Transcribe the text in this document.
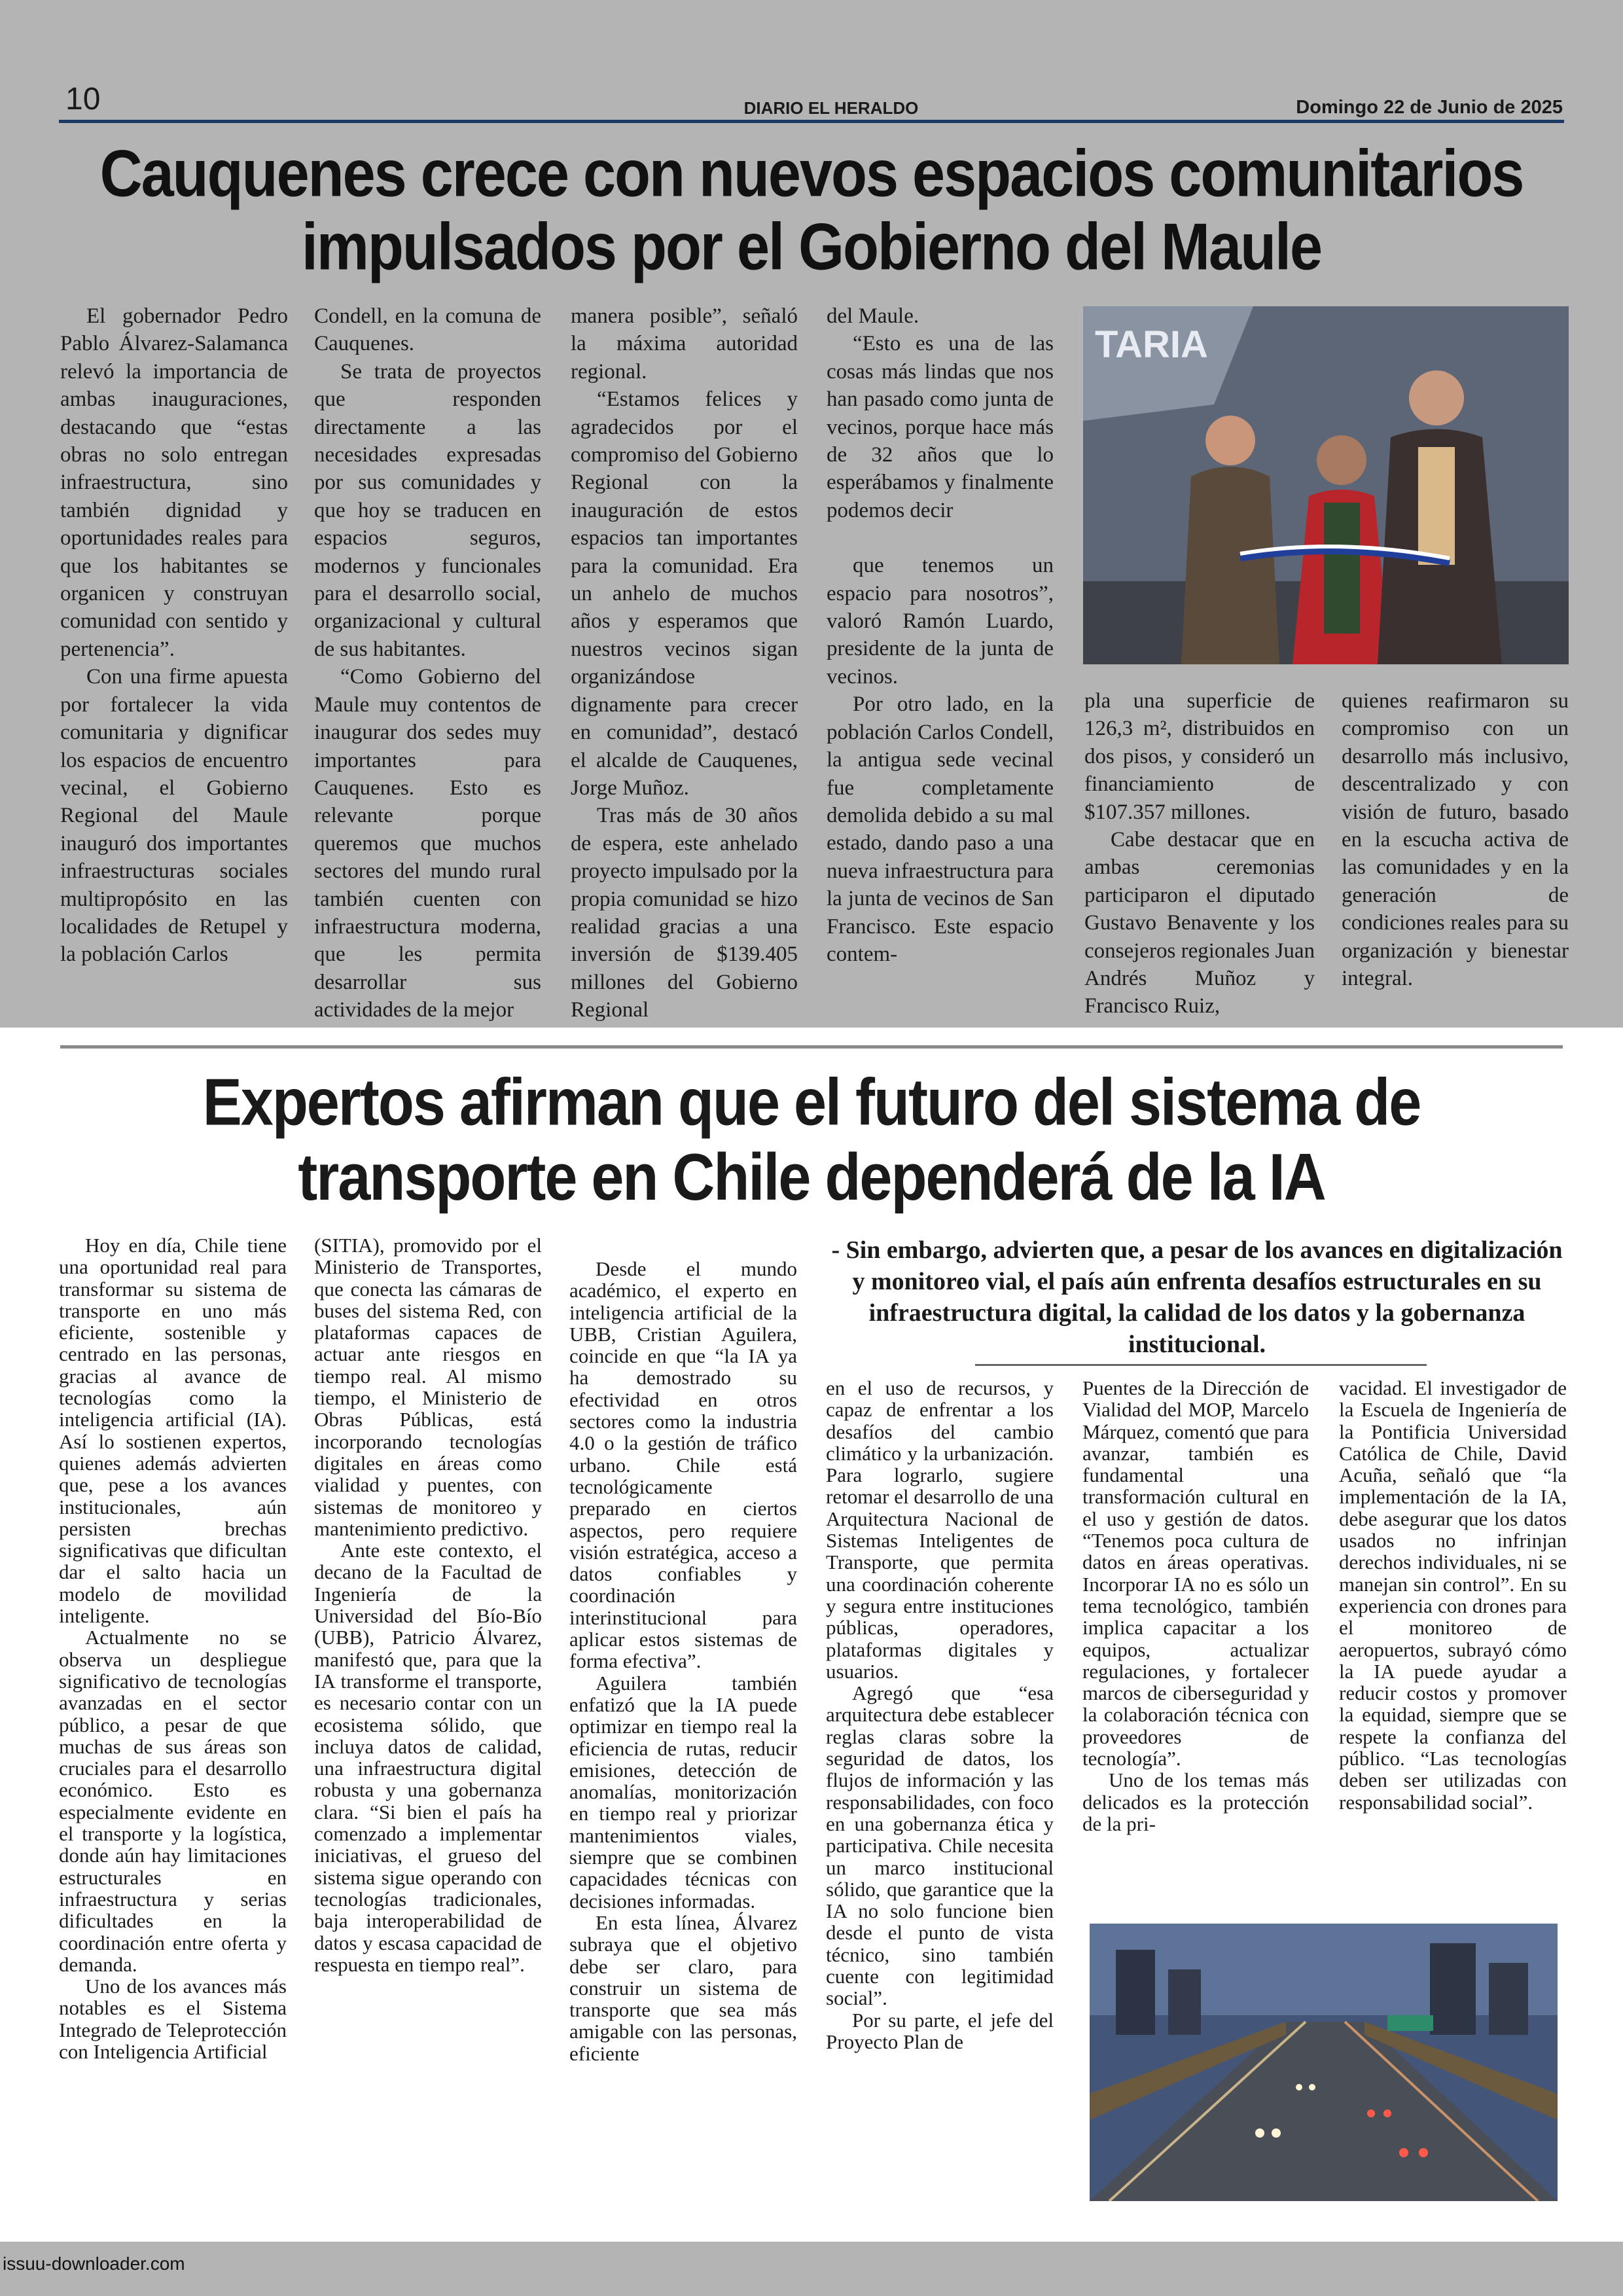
10	DIARIO EL HERALDO	Domingo 22 de Junio de 2025
Cauquenes crece con nuevos espacios comunitarios
impulsados por el Gobierno del Maule

El gobernador Pedro Pablo Álvarez-Salamanca relevó la importancia de ambas inauguraciones, destacando que “estas obras no solo entregan infraestructura, sino también dignidad y oportunidades reales para que los habitantes se organicen y construyan comunidad con sentido y pertenencia”.

Con una firme apuesta por fortalecer la vida comunitaria y dignificar los espacios de encuentro vecinal, el Gobierno Regional del Maule inauguró dos importantes infraestructuras sociales multipropósito en las localidades de Retupel y la población Carlos

Condell, en la comuna de Cauquenes.

Se trata de proyectos que responden directamente a las necesidades expresadas por sus comunidades y que hoy se traducen en espacios seguros, modernos y funcionales para el desarrollo social, organizacional y cultural de sus habitantes.

“Como Gobierno del Maule muy contentos de inaugurar dos sedes muy importantes para Cauquenes. Esto es relevante porque queremos que muchos sectores del mundo rural también cuenten con infraestructura moderna, que les permita desarrollar sus actividades de la mejor

manera posible”, señaló la máxima autoridad regional.

“Estamos felices y agradecidos por el compromiso del Gobierno Regional con la inauguración de estos espacios tan importantes para la comunidad. Era un anhelo de muchos años y esperamos que nuestros vecinos sigan organizándose dignamente para crecer en comunidad”, destacó el alcalde de Cauquenes, Jorge Muñoz.

Tras más de 30 años de espera, este anhelado proyecto impulsado por la propia comunidad se hizo realidad gracias a una inversión de $139.405 millones del Gobierno Regional

del Maule.

“Esto es una de las cosas más lindas que nos han pasado como junta de vecinos, porque hace más de 32 años que lo esperábamos y finalmente podemos decir

que tenemos un espacio para nosotros”, valoró Ramón Luardo, presidente de la junta de vecinos.

Por otro lado, en la población Carlos Condell, la antigua sede vecinal fue completamente demolida debido a su mal estado, dando paso a una nueva infraestructura para la junta de vecinos de San Francisco. Este espacio contem-

pla una superficie de 126,3 m², distribuidos en dos pisos, y consideró un financiamiento de $107.357 millones.

Cabe destacar que en ambas ceremonias participaron el diputado Gustavo Benavente y los consejeros regionales Juan Andrés Muñoz y Francisco Ruiz,

quienes reafirmaron su compromiso con un desarrollo más inclusivo, descentralizado y con visión de futuro, basado en la escucha activa de las comunidades y en la generación de condiciones reales para su organización y bienestar integral.

TARIA
Expertos afirman que el futuro del sistema de
transporte en Chile dependerá de la IA
- Sin embargo, advierten que, a pesar de los avances en digitalización y monitoreo vial, el país aún enfrenta desafíos estructurales en su infraestructura digital, la calidad de los datos y la gobernanza institucional.

Hoy en día, Chile tiene una oportunidad real para transformar su sistema de transporte en uno más eficiente, sostenible y centrado en las personas, gracias al avance de tecnologías como la inteligencia artificial (IA). Así lo sostienen expertos, quienes además advierten que, pese a los avances institucionales, aún persisten brechas significativas que dificultan dar el salto hacia un modelo de movilidad inteligente.

Actualmente no se observa un despliegue significativo de tecnologías avanzadas en el sector público, a pesar de que muchas de sus áreas son cruciales para el desarrollo económico. Esto es especialmente evidente en el transporte y la logística, donde aún hay limitaciones estructurales en infraestructura y serias dificultades en la coordinación entre oferta y demanda.

Uno de los avances más notables es el Sistema Integrado de Teleprotección con Inteligencia Artificial

(SITIA), promovido por el Ministerio de Transportes, que conecta las cámaras de buses del sistema Red, con plataformas capaces de actuar ante riesgos en tiempo real. Al mismo tiempo, el Ministerio de Obras Públicas, está incorporando tecnologías digitales en áreas como vialidad y puentes, con sistemas de monitoreo y mantenimiento predictivo.

Ante este contexto, el decano de la Facultad de Ingeniería de la Universidad del Bío-Bío (UBB), Patricio Álvarez, manifestó que, para que la IA transforme el transporte, es necesario contar con un ecosistema sólido, que incluya datos de calidad, una infraestructura digital robusta y una gobernanza clara. “Si bien el país ha comenzado a implementar iniciativas, el grueso del sistema sigue operando con tecnologías tradicionales, baja interoperabilidad de datos y escasa capacidad de respuesta en tiempo real”.

Desde el mundo académico, el experto en inteligencia artificial de la UBB, Cristian Aguilera, coincide en que “la IA ya ha demostrado su efectividad en otros sectores como la industria 4.0 o la gestión de tráfico urbano. Chile está tecnológicamente preparado en ciertos aspectos, pero requiere visión estratégica, acceso a datos confiables y coordinación interinstitucional para aplicar estos sistemas de forma efectiva”.

Aguilera también enfatizó que la IA puede optimizar en tiempo real la eficiencia de rutas, reducir emisiones, detección de anomalías, monitorización en tiempo real y priorizar mantenimientos viales, siempre que se combinen capacidades técnicas con decisiones informadas.

En esta línea, Álvarez subraya que el objetivo debe ser claro, para construir un sistema de transporte que sea más amigable con las personas, eficiente

en el uso de recursos, y capaz de enfrentar a los desafíos del cambio climático y la urbanización. Para lograrlo, sugiere retomar el desarrollo de una Arquitectura Nacional de Sistemas Inteligentes de Transporte, que permita una coordinación coherente y segura entre instituciones públicas, operadores, plataformas digitales y usuarios.

Agregó que “esa arquitectura debe establecer reglas claras sobre la seguridad de datos, los flujos de información y las responsabilidades, con foco en una gobernanza ética y participativa. Chile necesita un marco institucional sólido, que garantice que la IA no solo funcione bien desde el punto de vista técnico, sino también cuente con legitimidad social”.

Por su parte, el jefe del Proyecto Plan de

Puentes de la Dirección de Vialidad del MOP, Marcelo Márquez, comentó que para avanzar, también es fundamental una transformación cultural en el uso y gestión de datos. “Tenemos poca cultura de datos en áreas operativas. Incorporar IA no es sólo un tema tecnológico, también implica capacitar a los equipos, actualizar regulaciones, y fortalecer marcos de ciberseguridad y la colaboración técnica con proveedores de tecnología”.

Uno de los temas más delicados es la protección de la pri-

vacidad. El investigador de la Escuela de Ingeniería de la Pontificia Universidad Católica de Chile, David Acuña, señaló que “la implementación de la IA, debe asegurar que los datos usados no infrinjan derechos individuales, ni se manejan sin control”. En su experiencia con drones para el monitoreo de aeropuertos, subrayó cómo la IA puede ayudar a reducir costos y promover la equidad, siempre que se respete la confianza del público. “Las tecnologías deben ser utilizadas con responsabilidad social”.

issuu-downloader.com
